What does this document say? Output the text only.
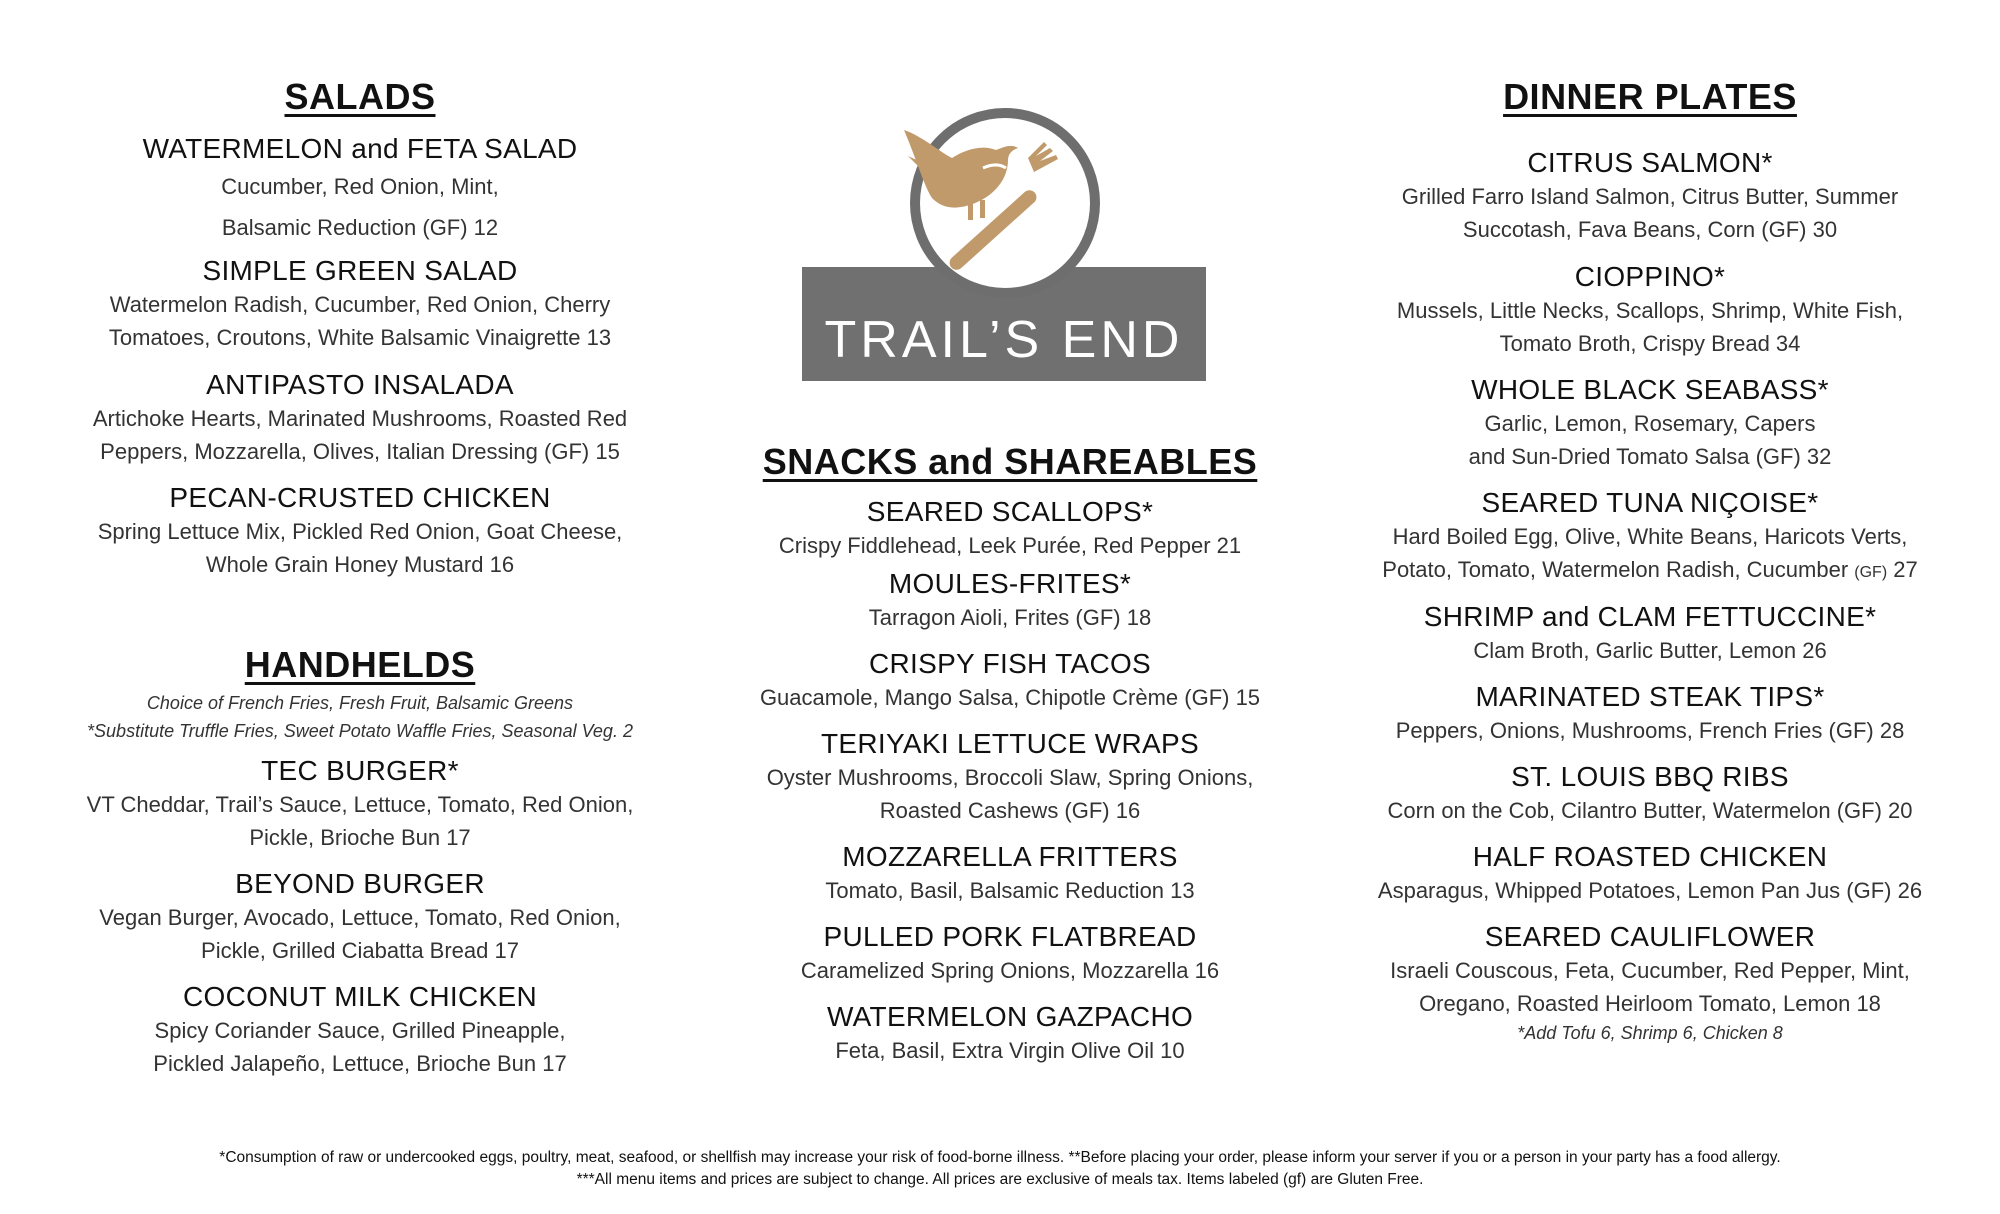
SALADS
WATERMELON and FETA SALAD
Cucumber, Red Onion, Mint,
Balsamic Reduction (GF) 12
SIMPLE GREEN SALAD
Watermelon Radish, Cucumber, Red Onion, Cherry
Tomatoes, Croutons, White Balsamic Vinaigrette 13
ANTIPASTO INSALADA
Artichoke Hearts, Marinated Mushrooms, Roasted Red
Peppers, Mozzarella, Olives, Italian Dressing (GF) 15
PECAN-CRUSTED CHICKEN
Spring Lettuce Mix, Pickled Red Onion, Goat Cheese,
Whole Grain Honey Mustard 16
HANDHELDS
Choice of French Fries, Fresh Fruit, Balsamic Greens
*Substitute Truffle Fries, Sweet Potato Waffle Fries, Seasonal Veg. 2
TEC BURGER*
VT Cheddar, Trail’s Sauce, Lettuce, Tomato, Red Onion,
Pickle, Brioche Bun 17
BEYOND BURGER
Vegan Burger, Avocado, Lettuce, Tomato, Red Onion,
Pickle, Grilled Ciabatta Bread 17
COCONUT MILK CHICKEN
Spicy Coriander Sauce, Grilled Pineapple,
Pickled Jalapeño, Lettuce, Brioche Bun 17
TRAIL’S END
SNACKS and SHAREABLES
SEARED SCALLOPS*
Crispy Fiddlehead, Leek Purée, Red Pepper 21
MOULES-FRITES*
Tarragon Aioli, Frites (GF) 18
CRISPY FISH TACOS
Guacamole, Mango Salsa, Chipotle Crème (GF) 15
TERIYAKI LETTUCE WRAPS
Oyster Mushrooms, Broccoli Slaw, Spring Onions,
Roasted Cashews (GF) 16
MOZZARELLA FRITTERS
Tomato, Basil, Balsamic Reduction 13
PULLED PORK FLATBREAD
Caramelized Spring Onions, Mozzarella 16
WATERMELON GAZPACHO
Feta, Basil, Extra Virgin Olive Oil 10
DINNER PLATES
CITRUS SALMON*
Grilled Farro Island Salmon, Citrus Butter, Summer
Succotash, Fava Beans, Corn (GF) 30
CIOPPINO*
Mussels, Little Necks, Scallops, Shrimp, White Fish,
Tomato Broth, Crispy Bread 34
WHOLE BLACK SEABASS*
Garlic, Lemon, Rosemary, Capers
and Sun-Dried Tomato Salsa (GF) 32
SEARED TUNA NIÇOISE*
Hard Boiled Egg, Olive, White Beans, Haricots Verts,
Potato, Tomato, Watermelon Radish, Cucumber (GF) 27
SHRIMP and CLAM FETTUCCINE*
Clam Broth, Garlic Butter, Lemon 26
MARINATED STEAK TIPS*
Peppers, Onions, Mushrooms, French Fries (GF) 28
ST. LOUIS BBQ RIBS
Corn on the Cob, Cilantro Butter, Watermelon (GF) 20
HALF ROASTED CHICKEN
Asparagus, Whipped Potatoes, Lemon Pan Jus (GF) 26
SEARED CAULIFLOWER
Israeli Couscous, Feta, Cucumber, Red Pepper, Mint,
Oregano, Roasted Heirloom Tomato, Lemon 18
*Add Tofu 6, Shrimp 6, Chicken 8
*Consumption of raw or undercooked eggs, poultry, meat, seafood, or shellfish may increase your risk of food-borne illness. **Before placing your order, please inform your server if you or a person in your party has a food allergy.
***All menu items and prices are subject to change. All prices are exclusive of meals tax. Items labeled (gf) are Gluten Free.
